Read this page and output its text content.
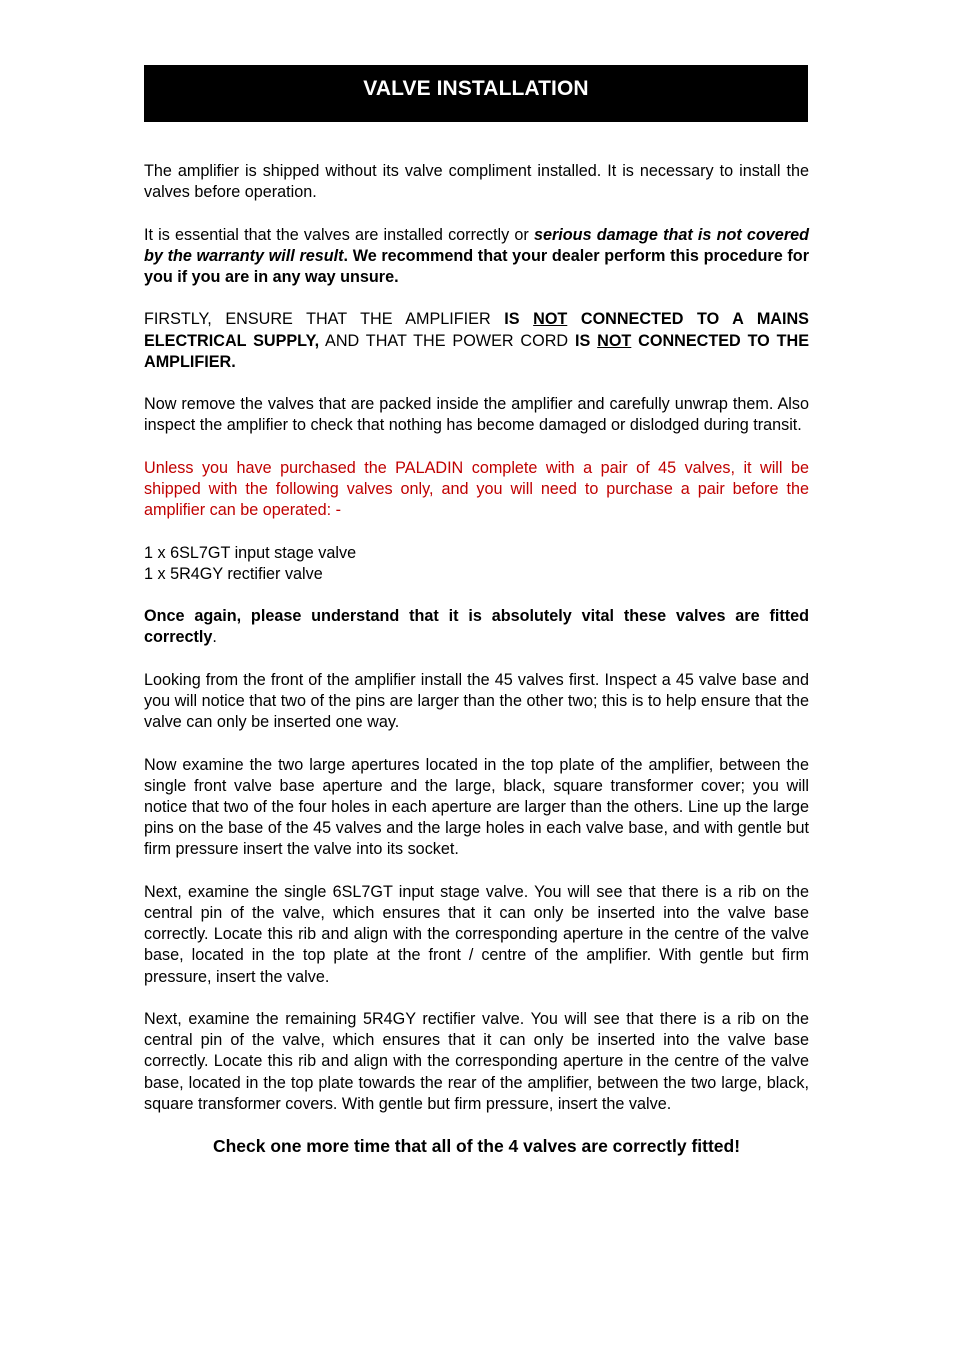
VALVE INSTALLATION

The amplifier is shipped without its valve compliment installed. It is necessary to install the valves before operation.

It is essential that the valves are installed correctly or serious damage that is not covered by the warranty will result. We recommend that your dealer perform this procedure for you if you are in any way unsure.

FIRSTLY, ENSURE THAT THE AMPLIFIER IS NOT CONNECTED TO A MAINS ELECTRICAL SUPPLY, AND THAT THE POWER CORD IS NOT CONNECTED TO THE AMPLIFIER.

Now remove the valves that are packed inside the amplifier and carefully unwrap them. Also inspect the amplifier to check that nothing has become damaged or dislodged during transit.

Unless you have purchased the PALADIN complete with a pair of 45 valves, it will be shipped with the following valves only, and you will need to purchase a pair before the amplifier can be operated: -

1 x 6SL7GT input stage valve
1 x 5R4GY rectifier valve

Once again, please understand that it is absolutely vital these valves are fitted correctly.

Looking from the front of the amplifier install the 45 valves first. Inspect a 45 valve base and you will notice that two of the pins are larger than the other two; this is to help ensure that the valve can only be inserted one way.

Now examine the two large apertures located in the top plate of the amplifier, between the single front valve base aperture and the large, black, square transformer cover; you will notice that two of the four holes in each aperture are larger than the others. Line up the large pins on the base of the 45 valves and the large holes in each valve base, and with gentle but firm pressure insert the valve into its socket.

Next, examine the single 6SL7GT input stage valve. You will see that there is a rib on the central pin of the valve, which ensures that it can only be inserted into the valve base correctly. Locate this rib and align with the corresponding aperture in the centre of the valve base, located in the top plate at the front / centre of the amplifier. With gentle but firm pressure, insert the valve.

Next, examine the remaining 5R4GY rectifier valve. You will see that there is a rib on the central pin of the valve, which ensures that it can only be inserted into the valve base correctly. Locate this rib and align with the corresponding aperture in the centre of the valve base, located in the top plate towards the rear of the amplifier, between the two large, black, square transformer covers. With gentle but firm pressure, insert the valve.

Check one more time that all of the 4 valves are correctly fitted!
